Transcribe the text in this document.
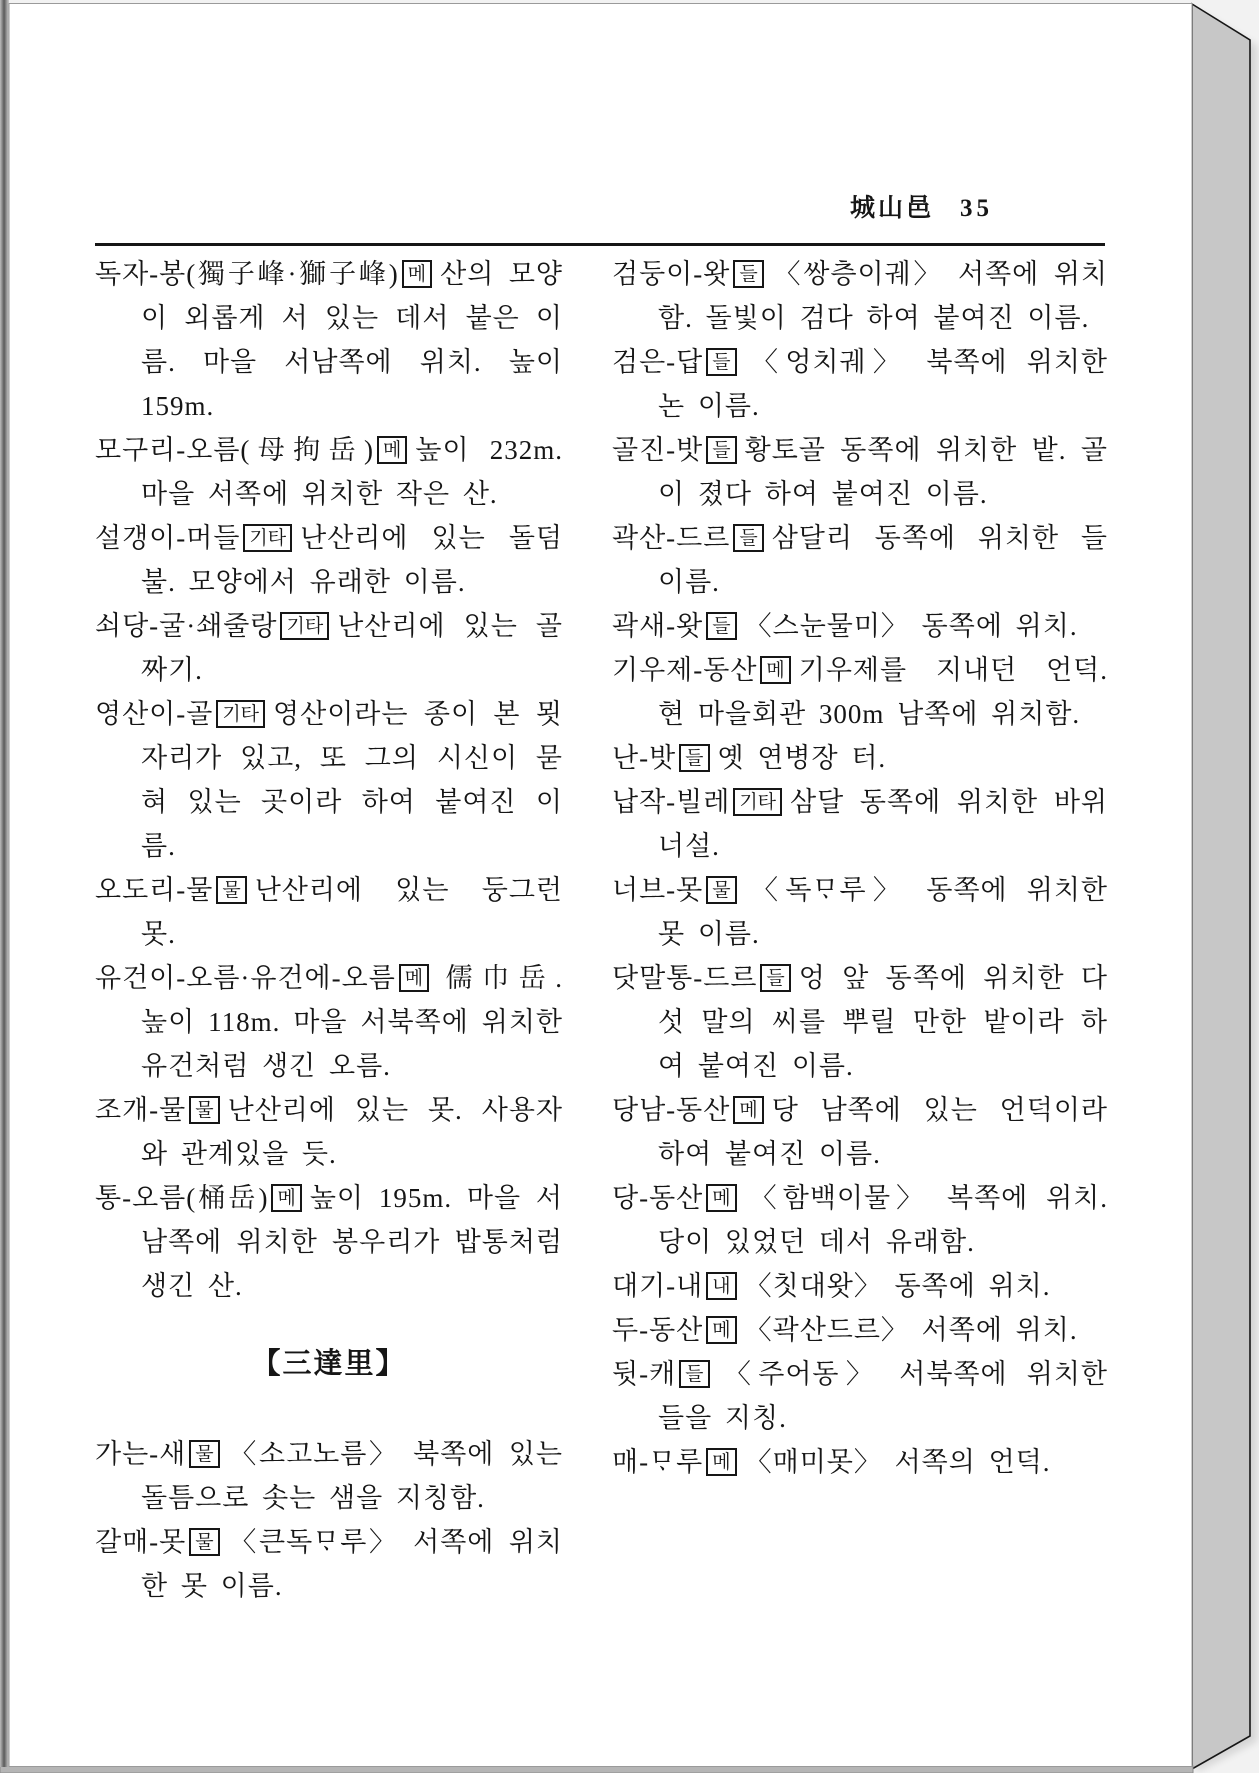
城山邑 35

독자-봉(獨子峰·獅子峰) 메 산의 모양이 외롭게 서 있는 데서 붙은 이름. 마을 서남쪽에 위치. 높이 159m.

모구리-오름(母拘岳) 메 높이 232m. 마을 서쪽에 위치한 작은 산.

설갱이-머들 기타 난산리에 있는 돌덤불. 모양에서 유래한 이름.

쇠당-굴·쇄줄랑 기타 난산리에 있는 골짜기.

영산이-골 기타 영산이라는 종이 본 묏자리가 있고, 또 그의 시신이 묻혀 있는 곳이라 하여 붙여진 이름.

오도리-물 물 난산리에 있는 둥그런 못.

유건이-오름·유건에-오름 메 儒巾岳. 높이 118m. 마을 서북쪽에 위치한 유건처럼 생긴 오름.

조개-물 물 난산리에 있는 못. 사용자와 관계있을 듯.

통-오름(桶岳) 메 높이 195m. 마을 서남쪽에 위치한 봉우리가 밥통처럼 생긴 산.

【三達里】

가는-새 물 〈소고노름〉 북쪽에 있는 돌틈으로 솟는 샘을 지칭함.

갈매-못 물 〈큰독ᄆᆞ루〉 서쪽에 위치한 못 이름.

검둥이-왓 들 〈쌍층이궤〉 서쪽에 위치함. 돌빛이 검다 하여 붙여진 이름.

검은-답 들 〈엉치궤〉 북쪽에 위치한 논 이름.

골진-밧 들 황토골 동쪽에 위치한 밭. 골이 졌다 하여 붙여진 이름.

곽산-드르 들 삼달리 동쪽에 위치한 들 이름.

곽새-왓 들 〈스눈물미〉 동쪽에 위치.

기우제-동산 메 기우제를 지내던 언덕. 현 마을회관 300m 남쪽에 위치함.

난-밧 들 옛 연병장 터.

납작-빌레 기타 삼달 동쪽에 위치한 바위너설.

너브-못 물 〈독ᄆᆞ루〉 동쪽에 위치한 못 이름.

닷말통-드르 들 엉 앞 동쪽에 위치한 다섯 말의 씨를 뿌릴 만한 밭이라 하여 붙여진 이름.

당남-동산 메 당 남쪽에 있는 언덕이라 하여 붙여진 이름.

당-동산 메 〈함백이물〉 복쪽에 위치. 당이 있었던 데서 유래함.

대기-내 내 〈칫대왓〉 동쪽에 위치.

두-동산 메 〈곽산드르〉 서쪽에 위치.

뒷-캐 들 〈주어동〉 서북쪽에 위치한 들을 지칭.

매-ᄆᆞ루 메 〈매미못〉 서쪽의 언덕.
